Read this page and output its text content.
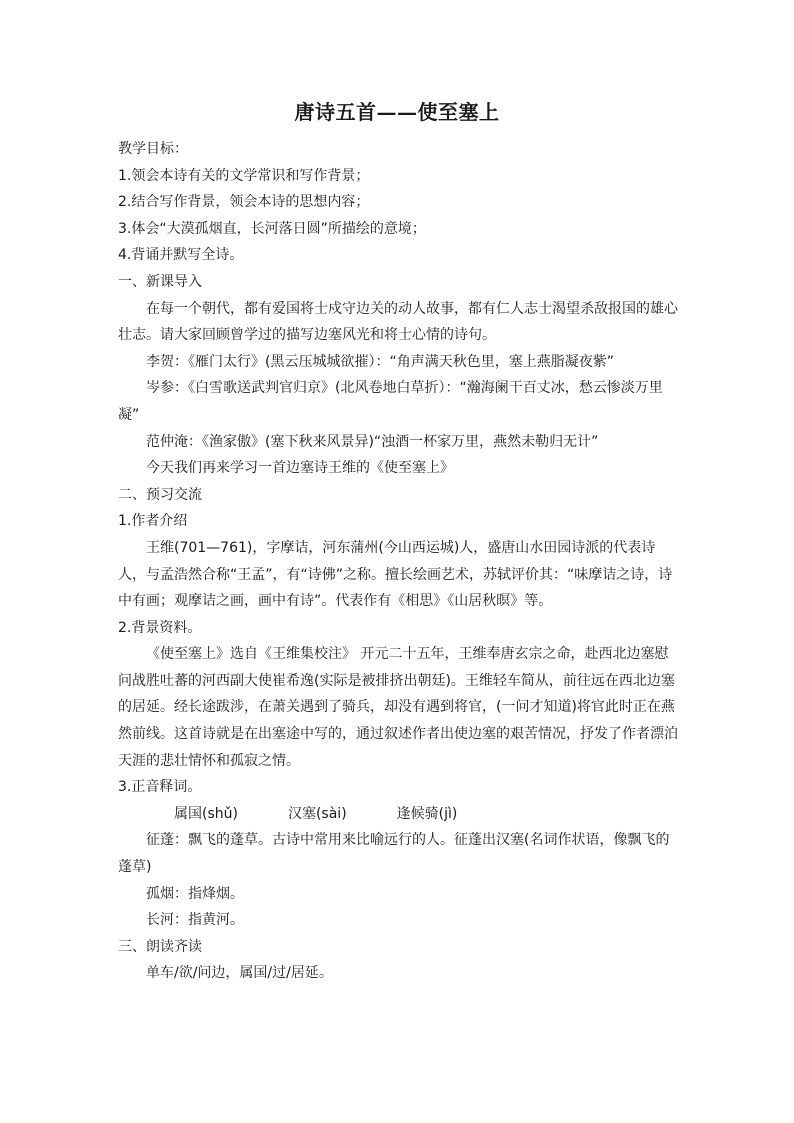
唐诗五首——使至塞上

教学目标：

1.领会本诗有关的文学常识和写作背景；

2.结合写作背景，领会本诗的思想内容；

3.体会“大漠孤烟直，长河落日圆”所描绘的意境；

4.背诵并默写全诗。

一、新课导入

在每一个朝代，都有爱国将士戍守边关的动人故事，都有仁人志士渴望杀敌报国的雄心壮志。请大家回顾曾学过的描写边塞风光和将士心情的诗句。

李贺：《雁门太行》(黑云压城城欲摧）：“角声满天秋色里，塞上燕脂凝夜紫”

岑参：《白雪歌送武判官归京》(北风卷地白草折）：“瀚海阑干百丈冰，愁云惨淡万里凝”

范仲淹：《渔家傲》(塞下秋来风景异)“浊酒一杯家万里，燕然未勒归无计”

今天我们再来学习一首边塞诗王维的《使至塞上》

二、预习交流

1.作者介绍

王维(701—761)，字摩诘，河东蒲州(今山西运城)人，盛唐山水田园诗派的代表诗人，与孟浩然合称“王孟”，有“诗佛”之称。擅长绘画艺术，苏轼评价其：“味摩诘之诗，诗中有画；观摩诘之画，画中有诗”。代表作有《相思》《山居秋暝》等。

2.背景资料。

《使至塞上》选自《王维集校注》 开元二十五年，王维奉唐玄宗之命，赴西北边塞慰问战胜吐蕃的河西副大使崔希逸(实际是被排挤出朝廷)。王维轻车简从，前往远在西北边塞的居延。经长途跋涉，在萧关遇到了骑兵，却没有遇到将官，(一问才知道)将官此时正在燕然前线。这首诗就是在出塞途中写的，通过叙述作者出使边塞的艰苦情况，抒发了作者漂泊天涯的悲壮情怀和孤寂之情。

3.正音释词。

属国(shǔ)	汉塞(sài)	逢候骑(jì)

征蓬：飘飞的蓬草。古诗中常用来比喻远行的人。征蓬出汉塞(名词作状语，像飘飞的蓬草)

孤烟：指烽烟。

长河：指黄河。

三、朗读齐读

单车/欲/问边，属国/过/居延。
